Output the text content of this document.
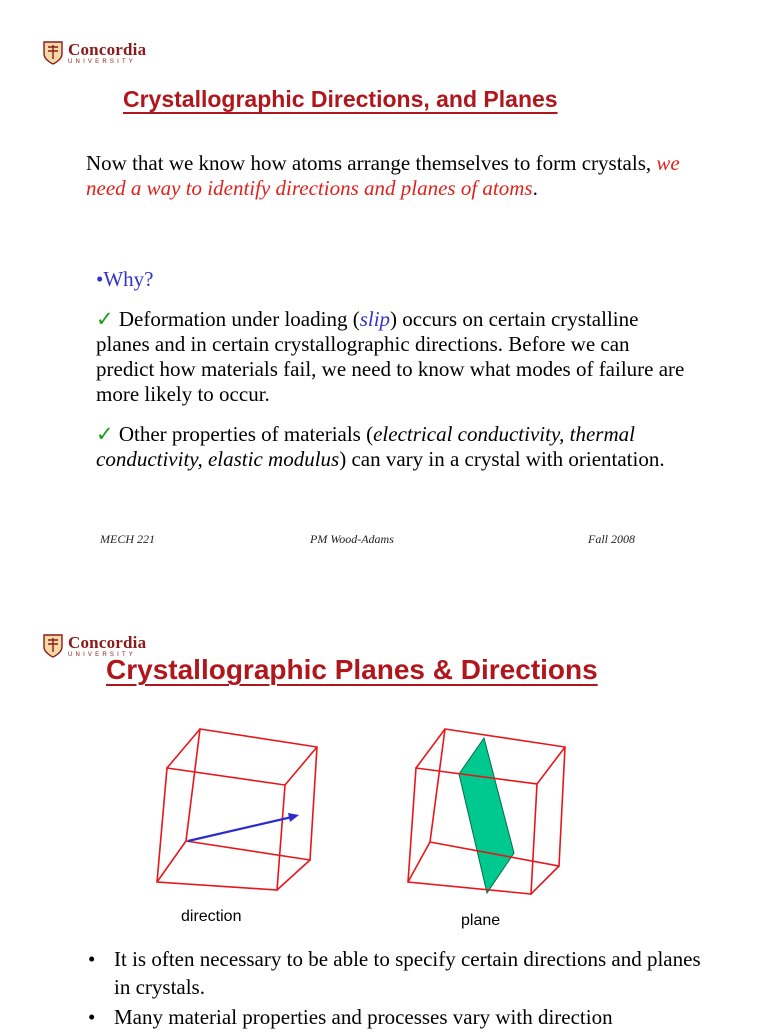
Concordia
UNIVERSITY
Crystallographic Directions, and Planes
Now that we know how atoms arrange themselves to form crystals, we need a way to identify directions and planes of atoms.
•Why?
✓ Deformation under loading (slip) occurs on certain crystalline planes and in certain crystallographic directions. Before we can predict how materials fail, we need to know what modes of failure are more likely to occur.
✓ Other properties of materials (electrical conductivity, thermal conductivity, elastic modulus) can vary in a crystal with orientation.
MECH 221	PM Wood-Adams	Fall 2008
Concordia
UNIVERSITY
Crystallographic Planes & Directions
direction	plane
• It is often necessary to be able to specify certain directions and planes in crystals.
• Many material properties and processes vary with direction
